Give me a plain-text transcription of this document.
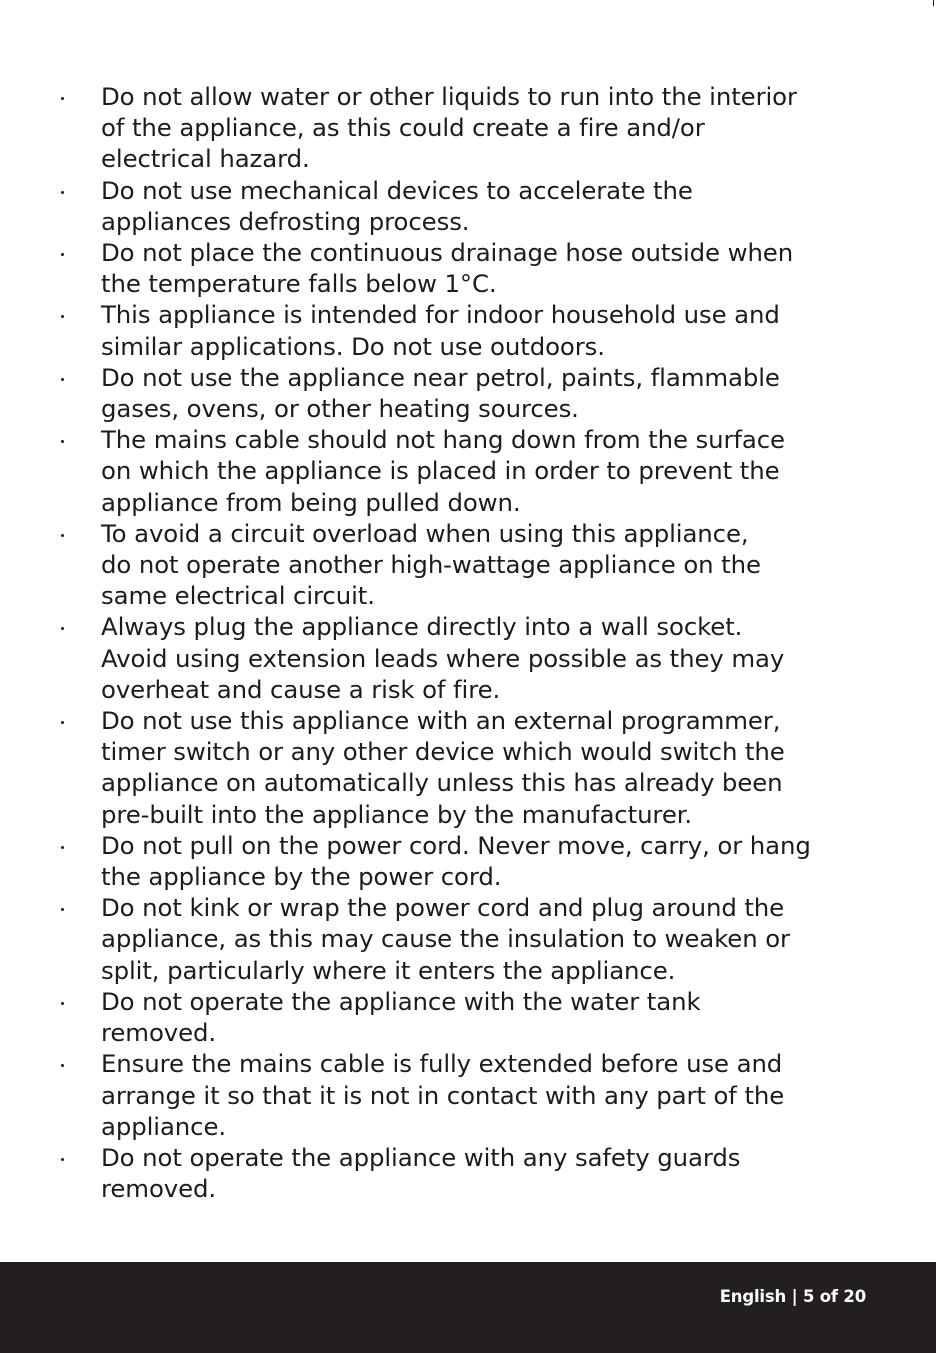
Do not allow water or other liquids to run into the interior
of the appliance, as this could create a fire and/or
electrical hazard.
Do not use mechanical devices to accelerate the
appliances defrosting process.
Do not place the continuous drainage hose outside when
the temperature falls below 1°C.
This appliance is intended for indoor household use and
similar applications. Do not use outdoors.
Do not use the appliance near petrol, paints, flammable
gases, ovens, or other heating sources.
The mains cable should not hang down from the surface
on which the appliance is placed in order to prevent the
appliance from being pulled down.
To avoid a circuit overload when using this appliance,
do not operate another high-wattage appliance on the
same electrical circuit.
Always plug the appliance directly into a wall socket.
Avoid using extension leads where possible as they may
overheat and cause a risk of fire.
Do not use this appliance with an external programmer,
timer switch or any other device which would switch the
appliance on automatically unless this has already been
pre-built into the appliance by the manufacturer.
Do not pull on the power cord. Never move, carry, or hang
the appliance by the power cord.
Do not kink or wrap the power cord and plug around the
appliance, as this may cause the insulation to weaken or
split, particularly where it enters the appliance.
Do not operate the appliance with the water tank
removed.
Ensure the mains cable is fully extended before use and
arrange it so that it is not in contact with any part of the
appliance.
Do not operate the appliance with any safety guards
removed.
English | 5 of 20
